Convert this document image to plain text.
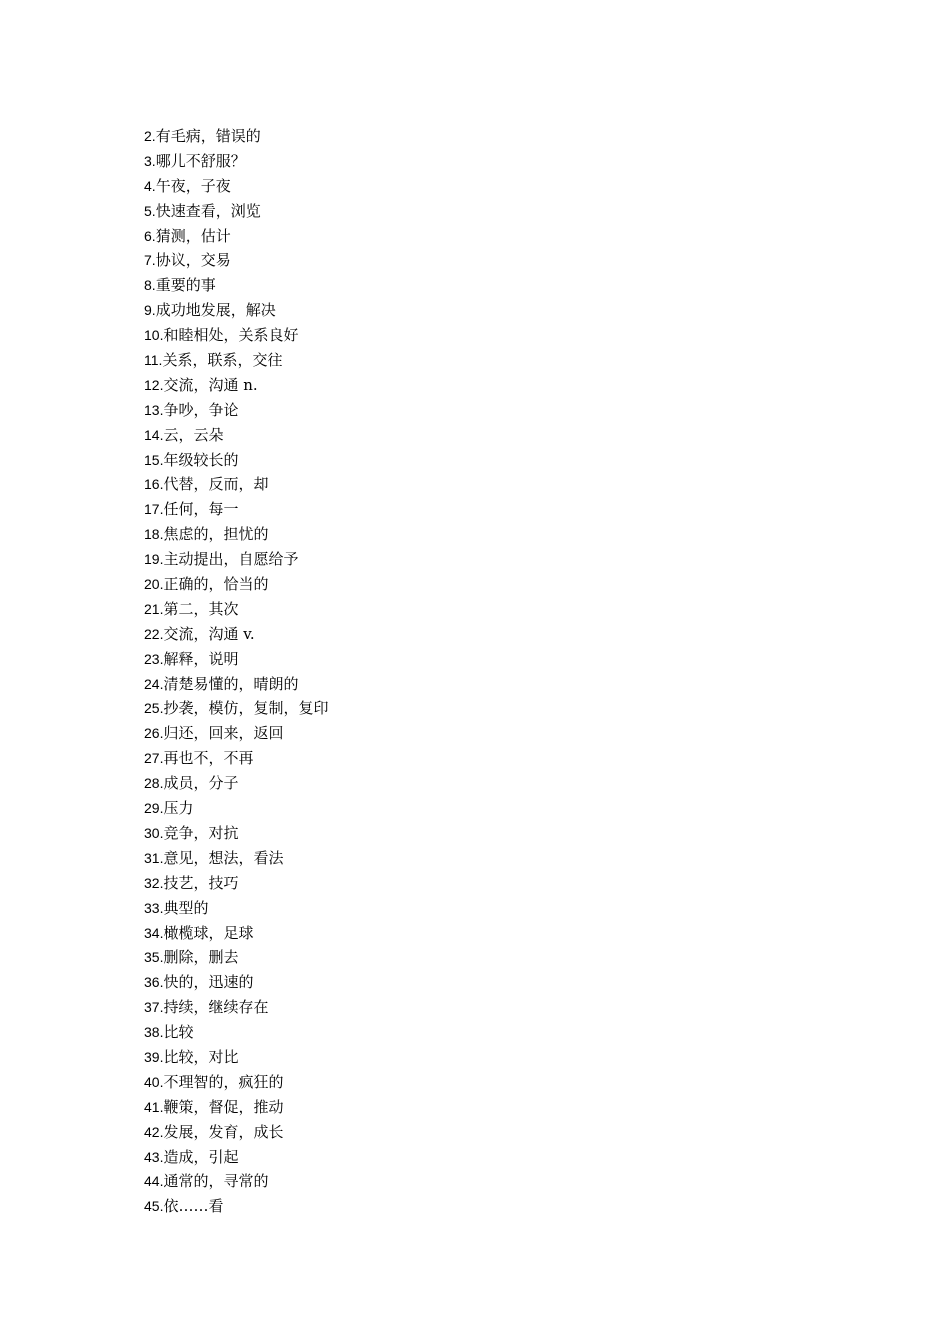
2.有毛病，错误的
3.哪儿不舒服？
4.午夜，子夜
5.快速查看，浏览
6.猜测，估计
7.协议，交易
8.重要的事
9.成功地发展，解决
10.和睦相处，关系良好
11.关系，联系，交往
12.交流，沟通 n.
13.争吵，争论
14.云，云朵
15.年级较长的
16.代替，反而，却
17.任何，每一
18.焦虑的，担忧的
19.主动提出，自愿给予
20.正确的，恰当的
21.第二，其次
22.交流，沟通 v.
23.解释，说明
24.清楚易懂的，晴朗的
25.抄袭，模仿，复制，复印
26.归还，回来，返回
27.再也不，不再
28.成员，分子
29.压力
30.竞争，对抗
31.意见，想法，看法
32.技艺，技巧
33.典型的
34.橄榄球，足球
35.删除，删去
36.快的，迅速的
37.持续，继续存在
38.比较
39.比较，对比
40.不理智的，疯狂的
41.鞭策，督促，推动
42.发展，发育，成长
43.造成，引起
44.通常的，寻常的
45.依……看
